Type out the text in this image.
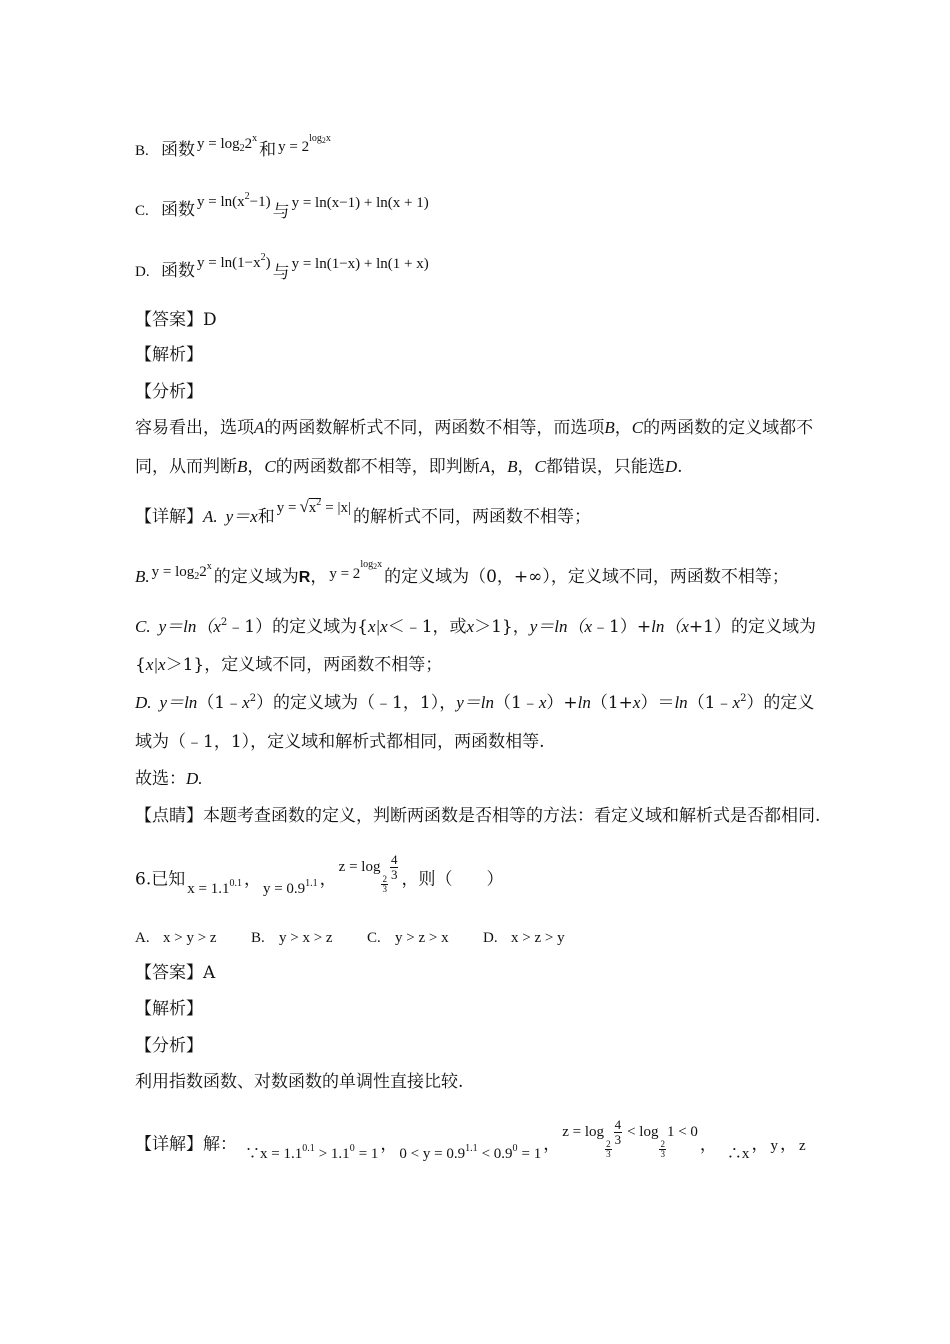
B. 函数 $y = \log_22^x$和 $y = 2^{log_2x}$
C. 函数 $y = \ln(x^2-1)$ 与 y = ln(x−1) + ln(x + 1)
D. 函数 $y = \ln(1-x^2)$ 与 y = ln(1−x) + ln(1 + x)
【答案】D
【解析】
【分析】
容易看出，选项A的两函数解析式不同，两函数不相等，而选项B，C的两函数的定义域都不
同，从而判断B，C的两函数都不相等，即判断A，B，C都错误，只能选D.
【详解】A. y＝x和 $y = √x^2 = |x|$ 的解析式不同，两函数不相等；
B. $y = \log_22^x$的定义域为R， $y = 2^{log_2x}$的定义域为（0，+∞），定义域不同，两函数不相等；
C. $y=\ln(x^2﹣1)$的定义域为{x|x＜﹣1，或x＞1}，y＝ln（x﹣1）+ln（x+1）的定义域为
{x|x＞1}，定义域不同，两函数不相等；
D. $y=\ln(1﹣x^2)$的定义域为（﹣1，1），$y=\ln(1﹣x)+\ln(1+x)=\ln(1﹣x^2)$的定义
域为（﹣1，1），定义域和解析式都相同，两函数相等.
故选：D.
【点睛】本题考查函数的定义，判断两函数是否相等的方法：看定义域和解析式是否都相同.
6.已知 $x = 1.1^{0.1}$ ， $y = 0.9^{1.1}$ ，z = log
$\frac{2}{3}$
$\frac{4}{3}$ ，则（　　）
A. x > y > z B. y > x > z C. y > z > x D. x > z > y
【答案】A
【解析】
【分析】
利用指数函数、对数函数的单调性直接比较.
【详解】解： ∵x = $1.1^{0.1} > 1.1^0 = 1$ ， $0 < y = 0.9^{1.1} < 0.9^0 = 1$ ，z = log
$\frac{2}{3}$
$\frac{4}{3} < \log$
$\frac{2}{3}$
1 < 0， ∴x ， y ， z
